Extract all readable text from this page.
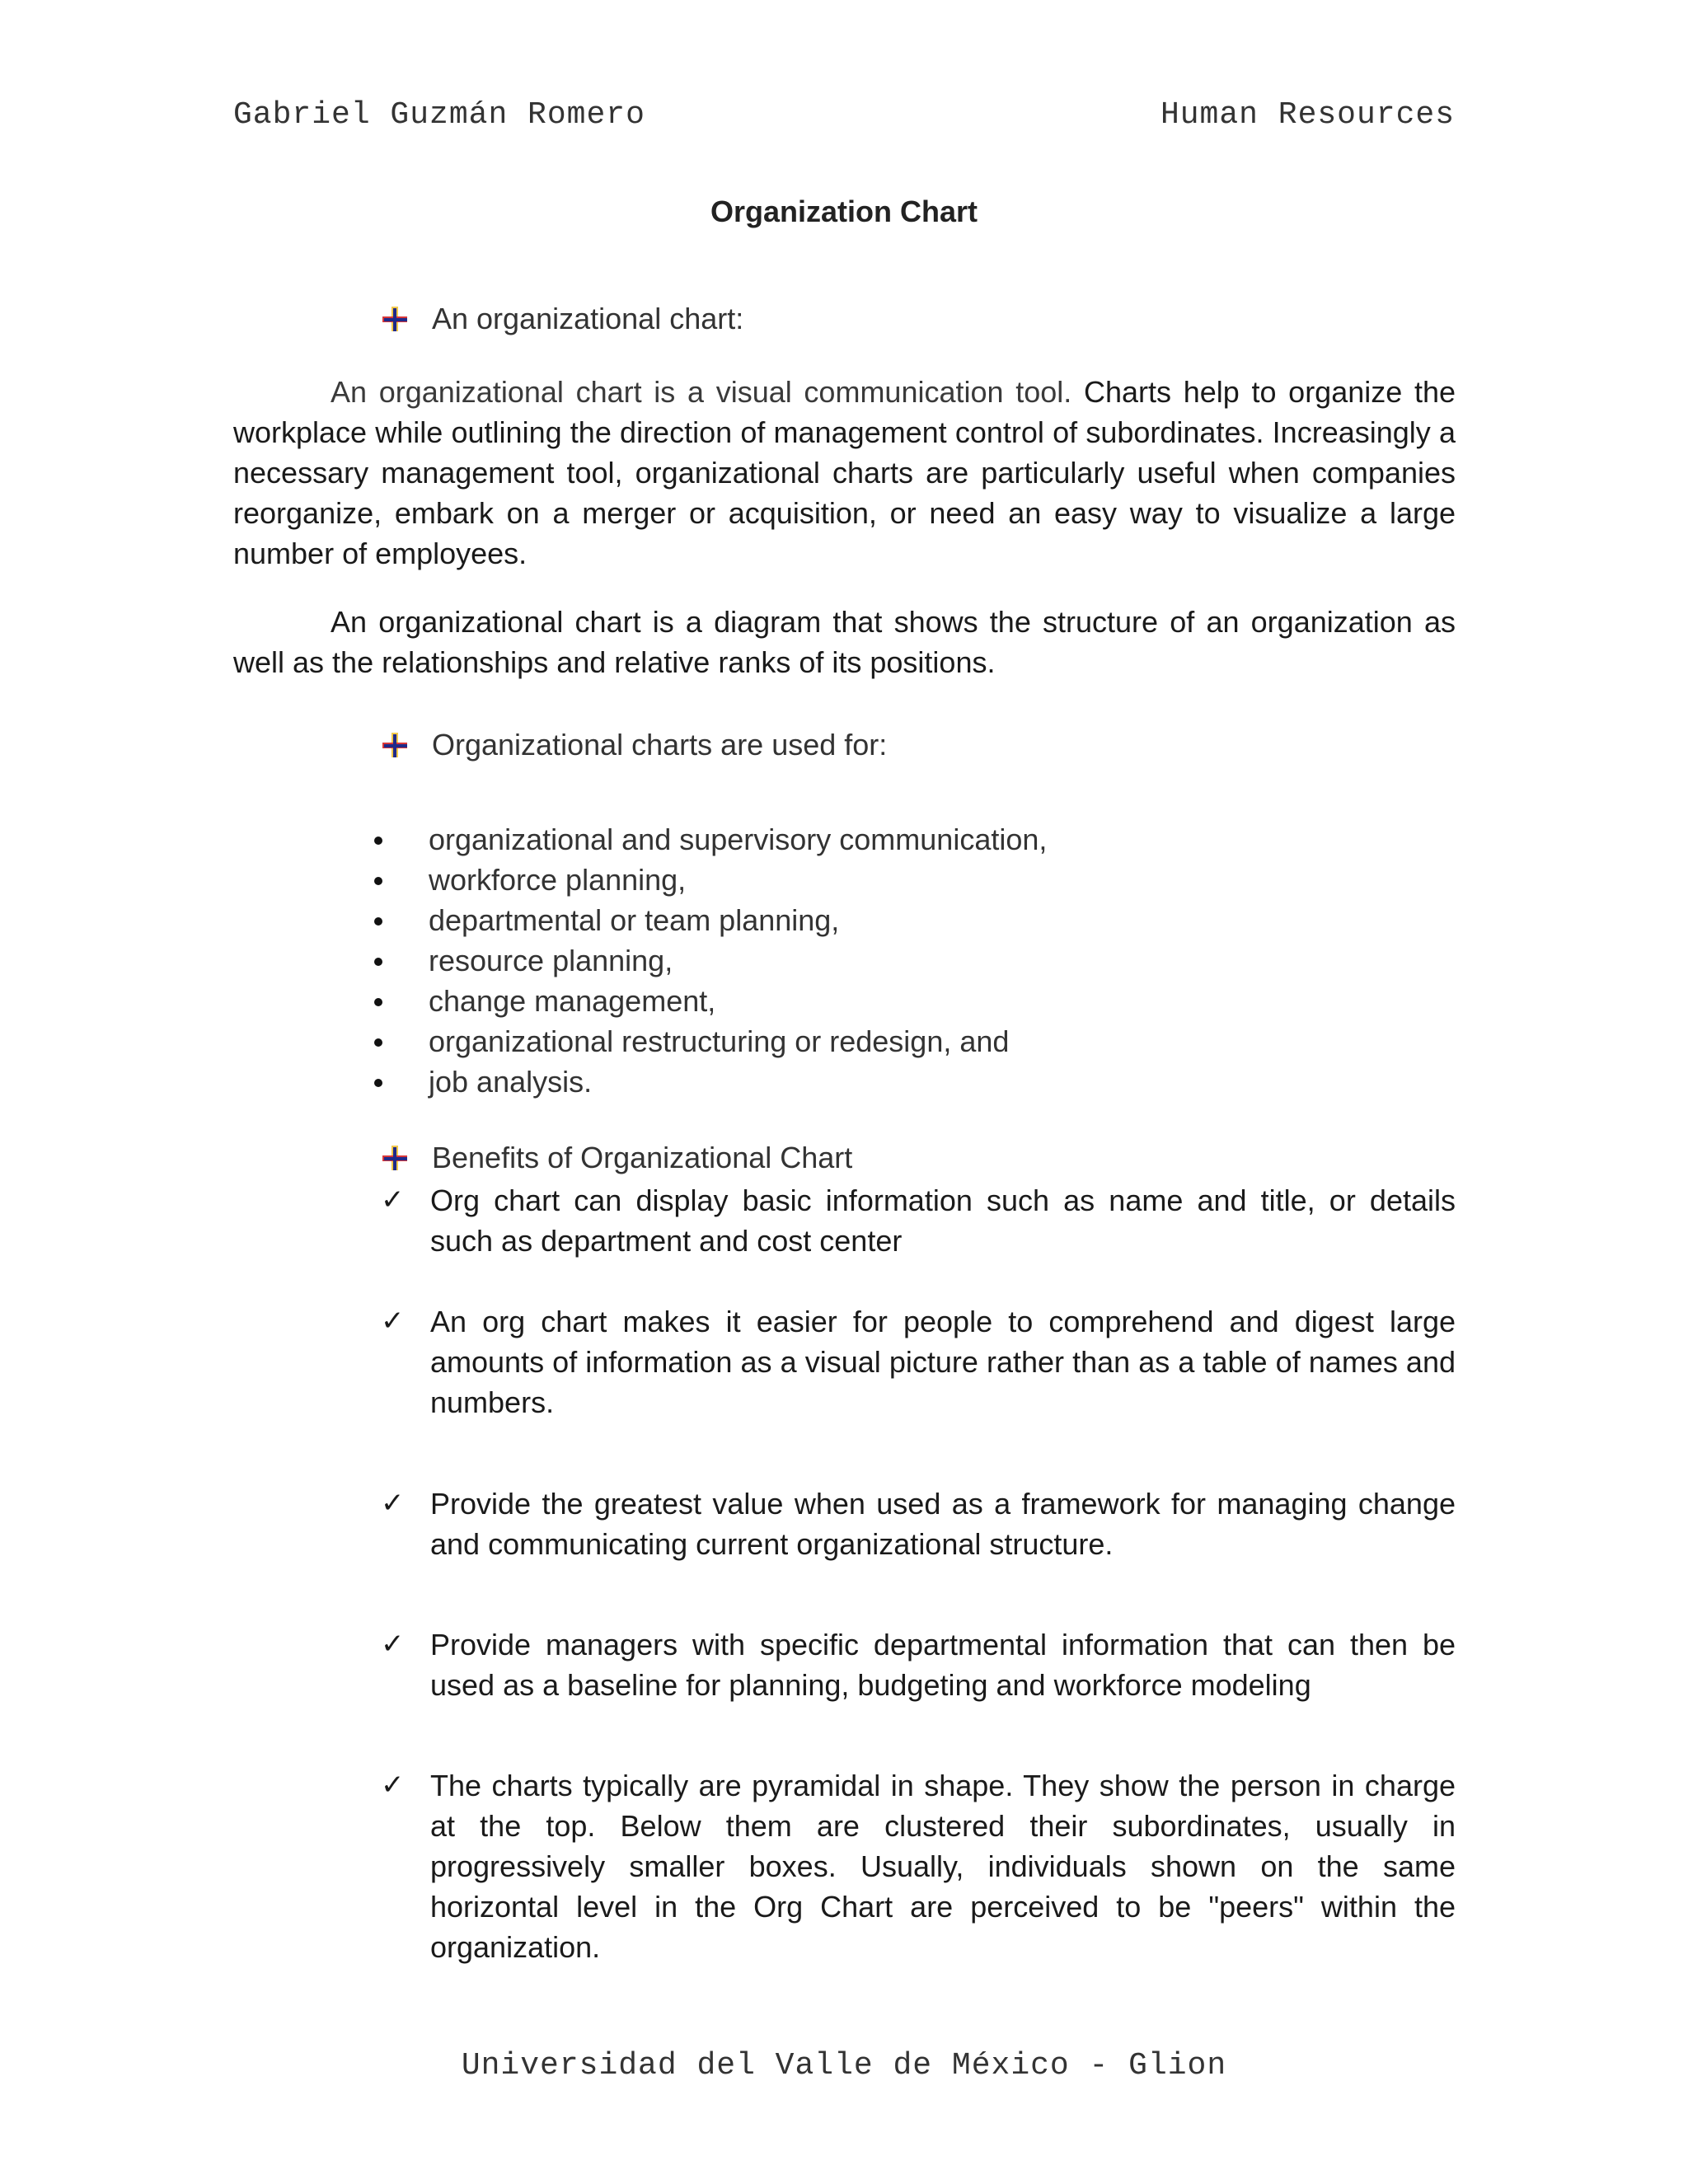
Gabriel Guzmán Romero	Human Resources
Organization Chart
An organizational chart:

An organizational chart is a visual communication tool. Charts help to organize the workplace while outlining the direction of management control of subordinates. Increasingly a necessary management tool, organizational charts are particularly useful when companies reorganize, embark on a merger or acquisition, or need an easy way to visualize a large number of employees.

An organizational chart is a diagram that shows the structure of an organization as well as the relationships and relative ranks of its positions.

Organizational charts are used for:
organizational and supervisory communication,
workforce planning,
departmental or team planning,
resource planning,
change management,
organizational restructuring or redesign, and
job analysis.
Benefits of Organizational Chart
✓ Org chart can display basic information such as name and title, or details such as department and cost center
✓ An org chart makes it easier for people to comprehend and digest large amounts of information as a visual picture rather than as a table of names and numbers.
✓ Provide the greatest value when used as a framework for managing change and communicating current organizational structure.
✓ Provide managers with specific departmental information that can then be used as a baseline for planning, budgeting and workforce modeling
✓ The charts typically are pyramidal in shape. They show the person in charge at the top. Below them are clustered their subordinates, usually in progressively smaller boxes. Usually, individuals shown on the same horizontal level in the Org Chart are perceived to be "peers" within the organization.
Universidad del Valle de México - Glion
